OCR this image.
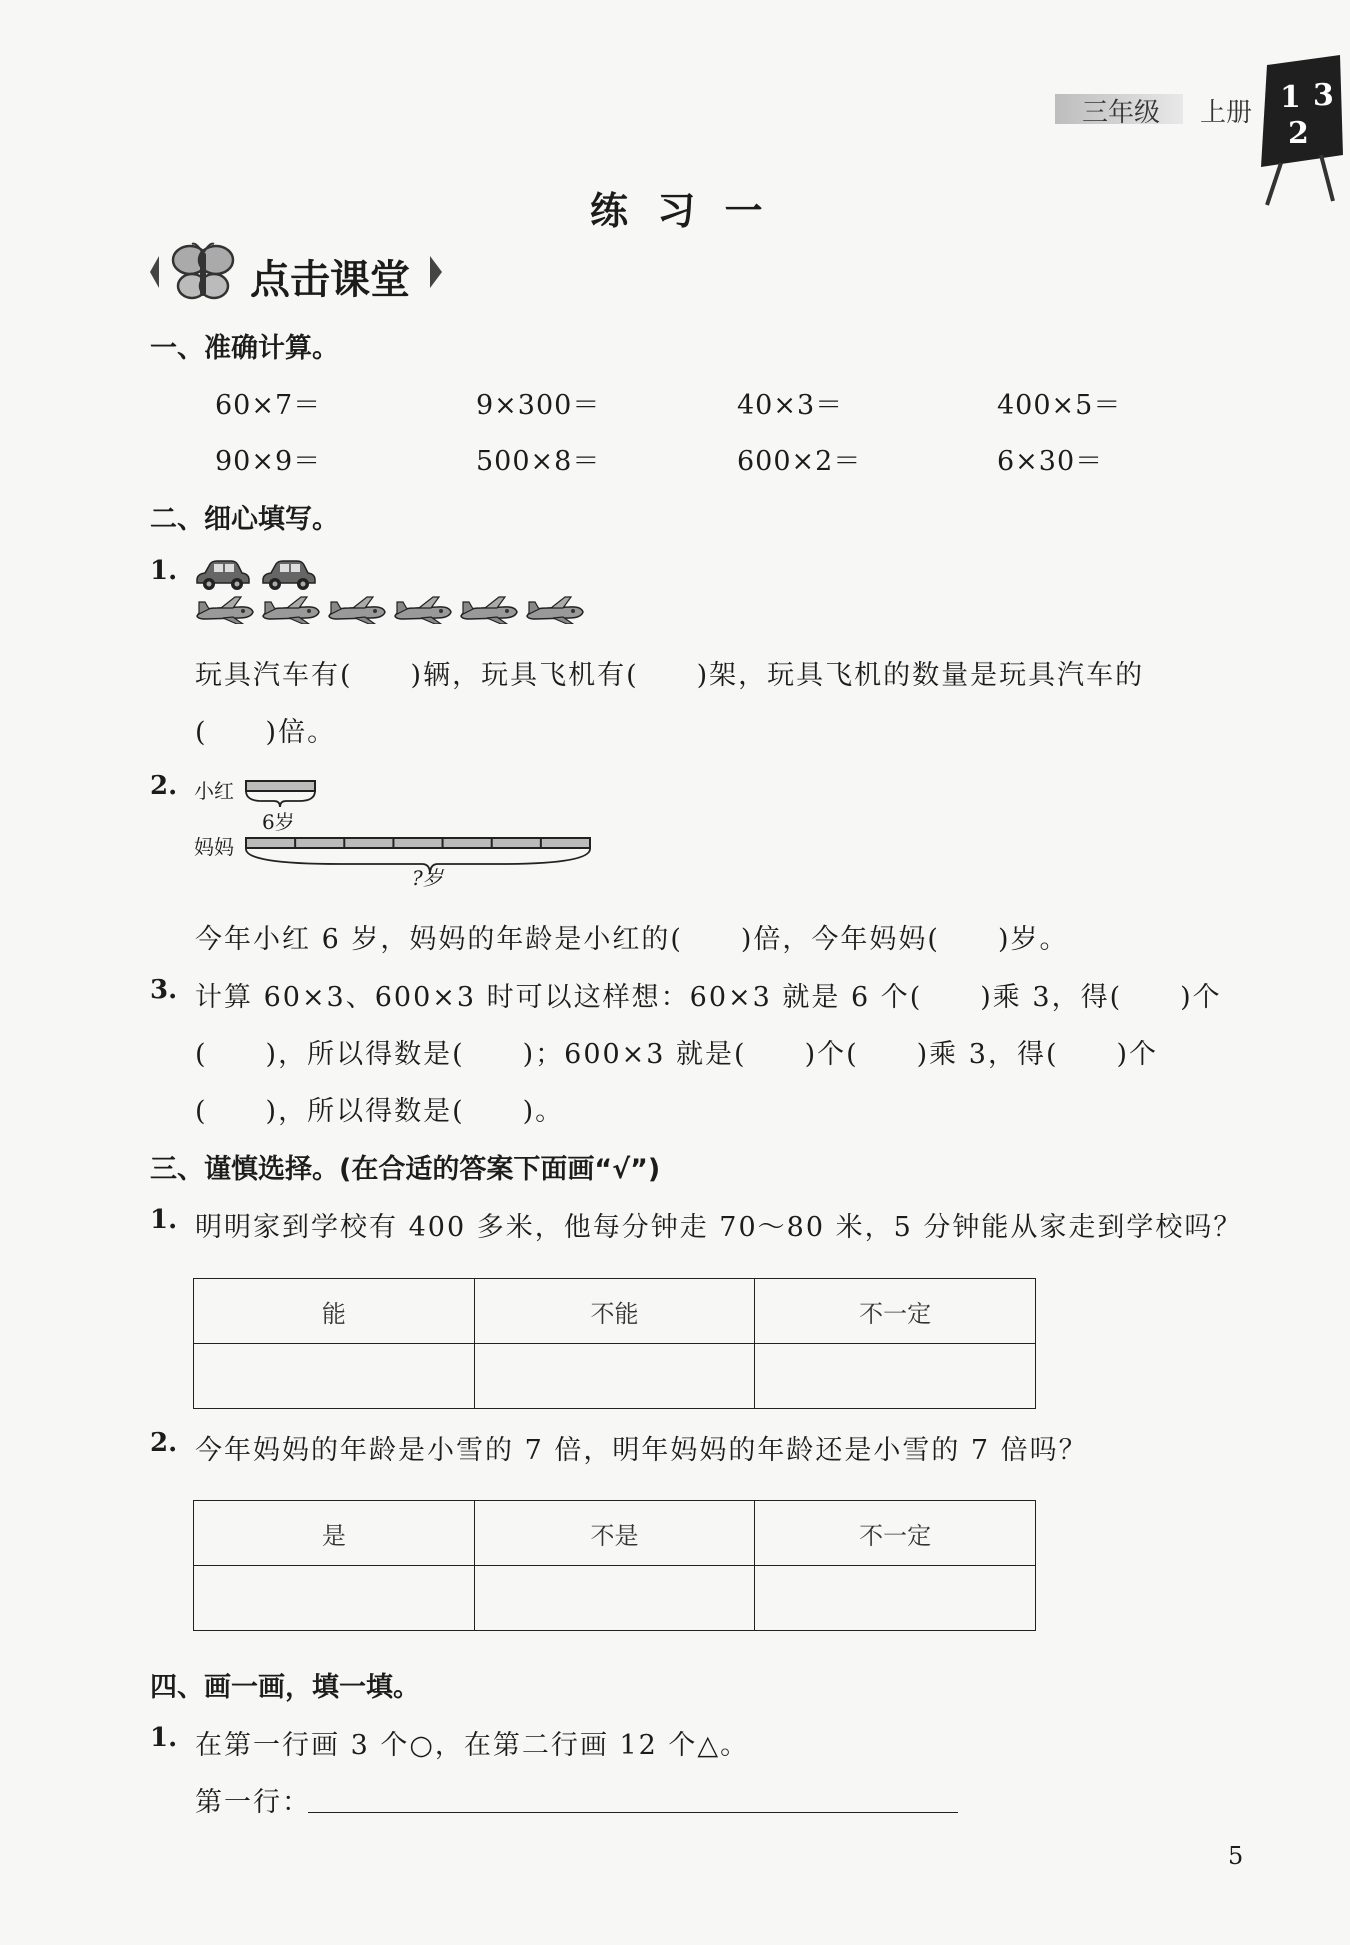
三年级 上册 1 3
2
练 习 一
点击课堂
一、准确计算。
60×7＝	9×300＝	40×3＝	400×5＝
90×9＝	500×8＝	600×2＝	6×30＝
二、细心填写。
1.
玩具汽车有(　　)辆，玩具飞机有(　　)架，玩具飞机的数量是玩具汽车的
(　　)倍。
2. 小红
妈妈
6岁
?岁
今年小红 6 岁，妈妈的年龄是小红的(　　)倍，今年妈妈(　　)岁。
3. 计算 60×3、600×3 时可以这样想：60×3 就是 6 个(　　)乘 3，得(　　)个
(　　)，所以得数是(　　)；600×3 就是(　　)个(　　)乘 3，得(　　)个
(　　)，所以得数是(　　)。
三、谨慎选择。(在合适的答案下面画“√”)
1. 明明家到学校有 400 多米，他每分钟走 70～80 米，5 分钟能从家走到学校吗？
能	不能	不一定

2. 今年妈妈的年龄是小雪的 7 倍，明年妈妈的年龄还是小雪的 7 倍吗？
是	不是	不一定

四、画一画，填一填。
1. 在第一行画 3 个○，在第二行画 12 个△。
第一行：
5
